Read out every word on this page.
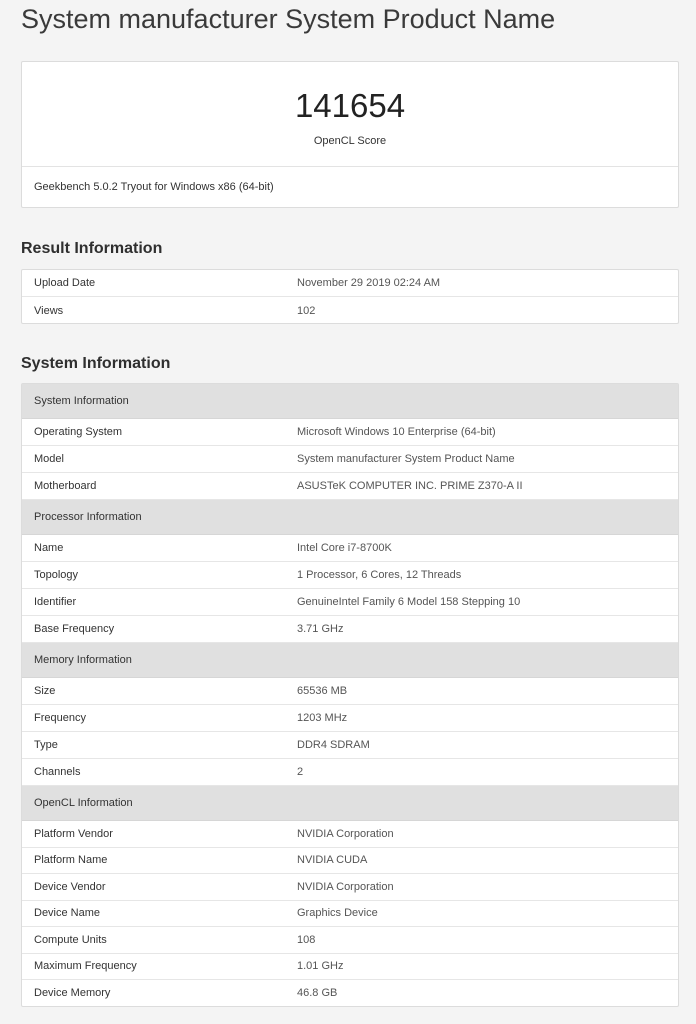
System manufacturer System Product Name
141654
OpenCL Score
Geekbench 5.0.2 Tryout for Windows x86 (64-bit)
Result Information
Upload Date	November 29 2019 02:24 AM
Views	102
System Information
System Information
Operating System	Microsoft Windows 10 Enterprise (64-bit)
Model	System manufacturer System Product Name
Motherboard	ASUSTeK COMPUTER INC. PRIME Z370-A II
Processor Information
Name	Intel Core i7-8700K
Topology	1 Processor, 6 Cores, 12 Threads
Identifier	GenuineIntel Family 6 Model 158 Stepping 10
Base Frequency	3.71 GHz
Memory Information
Size	65536 MB
Frequency	1203 MHz
Type	DDR4 SDRAM
Channels	2
OpenCL Information
Platform Vendor	NVIDIA Corporation
Platform Name	NVIDIA CUDA
Device Vendor	NVIDIA Corporation
Device Name	Graphics Device
Compute Units	108
Maximum Frequency	1.01 GHz
Device Memory	46.8 GB
